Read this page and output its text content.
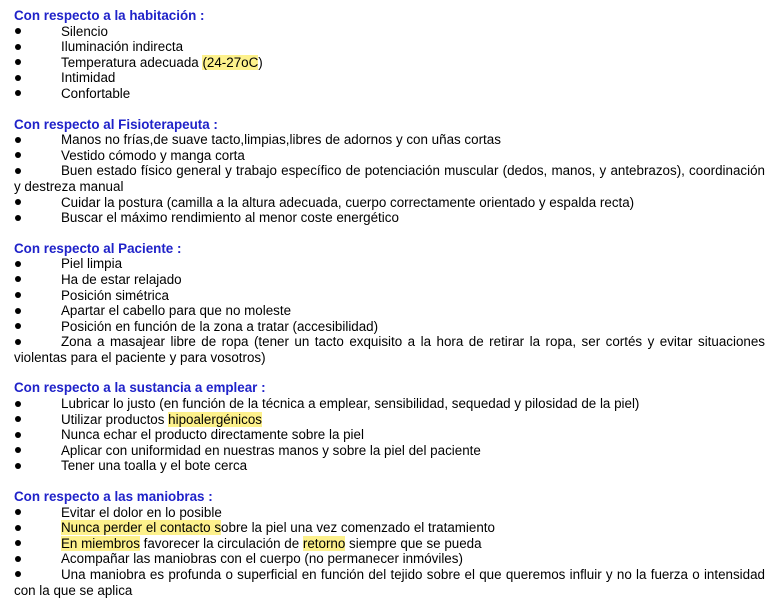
Con respecto a la habitación :
Silencio
Iluminación indirecta
Temperatura adecuada (24-27oC)
Intimidad
Confortable
Con respecto al Fisioterapeuta :
Manos no frías,de suave tacto,limpias,libres de adornos y con uñas cortas
Vestido cómodo y manga corta
Buen estado físico general y trabajo específico de potenciación muscular (dedos, manos, y antebrazos), coordinación y destreza manual
Cuidar la postura (camilla a la altura adecuada, cuerpo correctamente orientado y espalda recta)
Buscar el máximo rendimiento al menor coste energético
Con respecto al Paciente :
Piel limpia
Ha de estar relajado
Posición simétrica
Apartar el cabello para que no moleste
Posición en función de la zona a tratar (accesibilidad)
Zona a masajear libre de ropa (tener un tacto exquisito a la hora de retirar la ropa, ser cortés y evitar situaciones violentas para el paciente y para vosotros)
Con respecto a la sustancia a emplear :
Lubricar lo justo (en función de la técnica a emplear, sensibilidad, sequedad y pilosidad de la piel)
Utilizar productos hipoalergénicos
Nunca echar el producto directamente sobre la piel
Aplicar con uniformidad en nuestras manos y sobre la piel del paciente
Tener una toalla y el bote cerca
Con respecto a las maniobras :
Evitar el dolor en lo posible
Nunca perder el contacto sobre la piel una vez comenzado el tratamiento
En miembros favorecer la circulación de retorno siempre que se pueda
Acompañar las maniobras con el cuerpo (no permanecer inmóviles)
Una maniobra es profunda o superficial en función del tejido sobre el que queremos influir y no la fuerza o intensidad con la que se aplica
